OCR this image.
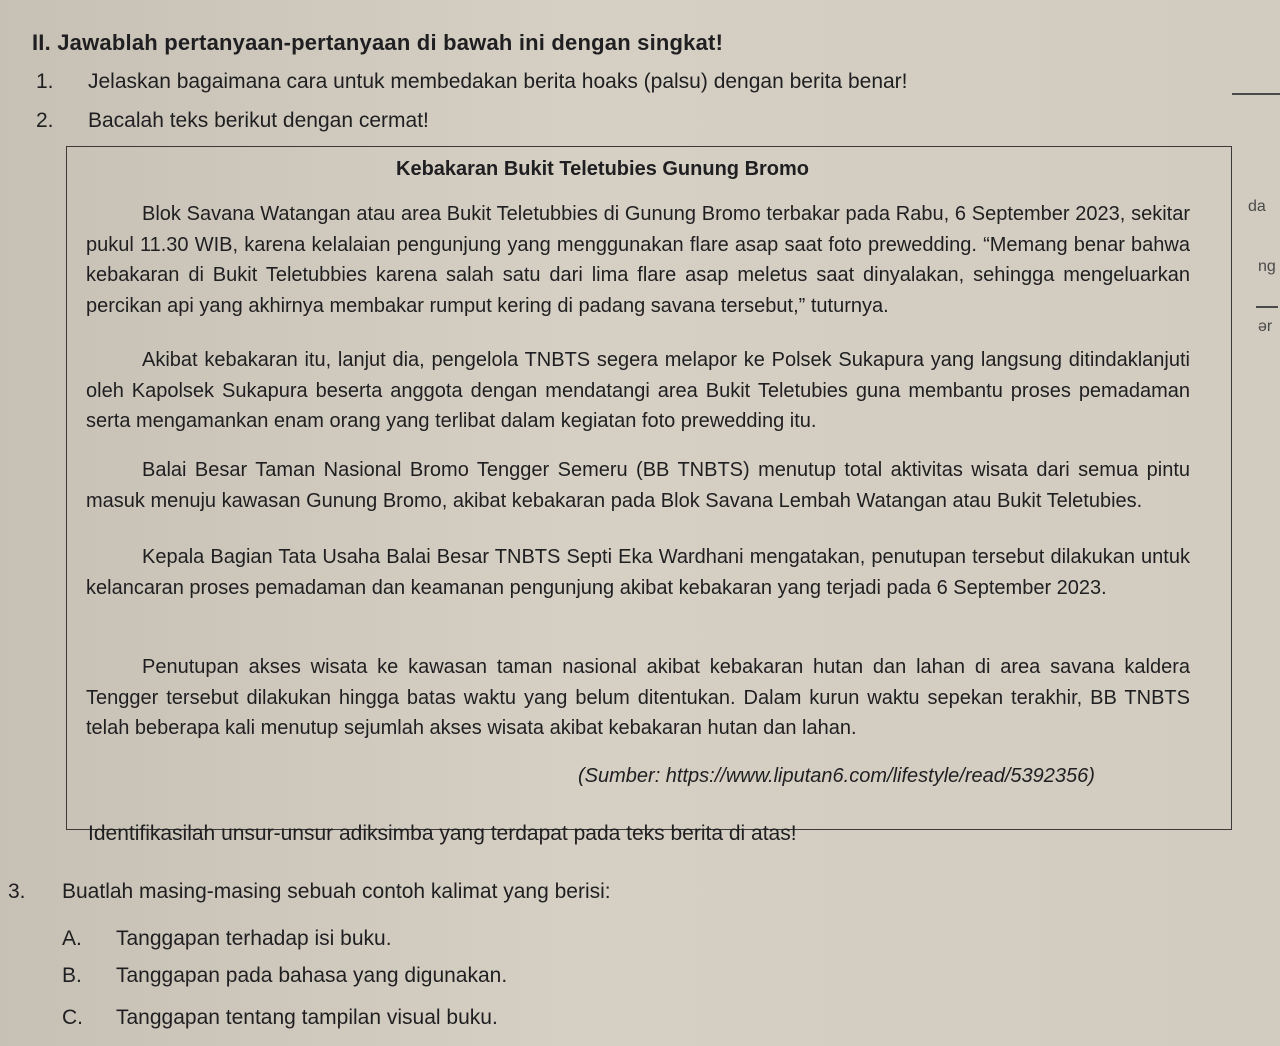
II. Jawablah pertanyaan-pertanyaan di bawah ini dengan singkat!
1. Jelaskan bagaimana cara untuk membedakan berita hoaks (palsu) dengan berita benar!
2. Bacalah teks berikut dengan cermat!
Kebakaran Bukit Teletubies Gunung Bromo
Blok Savana Watangan atau area Bukit Teletubbies di Gunung Bromo terbakar pada Rabu, 6 September 2023, sekitar pukul 11.30 WIB, karena kelalaian pengunjung yang menggunakan flare asap saat foto prewedding. “Memang benar bahwa kebakaran di Bukit Teletubbies karena salah satu dari lima flare asap meletus saat dinyalakan, sehingga mengeluarkan percikan api yang akhirnya membakar rumput kering di padang savana tersebut,” tuturnya.
Akibat kebakaran itu, lanjut dia, pengelola TNBTS segera melapor ke Polsek Sukapura yang langsung ditindaklanjuti oleh Kapolsek Sukapura beserta anggota dengan mendatangi area Bukit Teletubies guna membantu proses pemadaman serta mengamankan enam orang yang terlibat dalam kegiatan foto prewedding itu.
Balai Besar Taman Nasional Bromo Tengger Semeru (BB TNBTS) menutup total aktivitas wisata dari semua pintu masuk menuju kawasan Gunung Bromo, akibat kebakaran pada Blok Savana Lembah Watangan atau Bukit Teletubies.
Kepala Bagian Tata Usaha Balai Besar TNBTS Septi Eka Wardhani mengatakan, penutupan tersebut dilakukan untuk kelancaran proses pemadaman dan keamanan pengunjung akibat kebakaran yang terjadi pada 6 September 2023.
Penutupan akses wisata ke kawasan taman nasional akibat kebakaran hutan dan lahan di area savana kaldera Tengger tersebut dilakukan hingga batas waktu yang belum ditentukan. Dalam kurun waktu sepekan terakhir, BB TNBTS telah beberapa kali menutup sejumlah akses wisata akibat kebakaran hutan dan lahan.
(Sumber: https://www.liputan6.com/lifestyle/read/5392356)
Identifikasilah unsur-unsur adiksimba yang terdapat pada teks berita di atas!
3. Buatlah masing-masing sebuah contoh kalimat yang berisi:
A. Tanggapan terhadap isi buku.
B. Tanggapan pada bahasa yang digunakan.
C. Tanggapan tentang tampilan visual buku.
da
ng
ər
